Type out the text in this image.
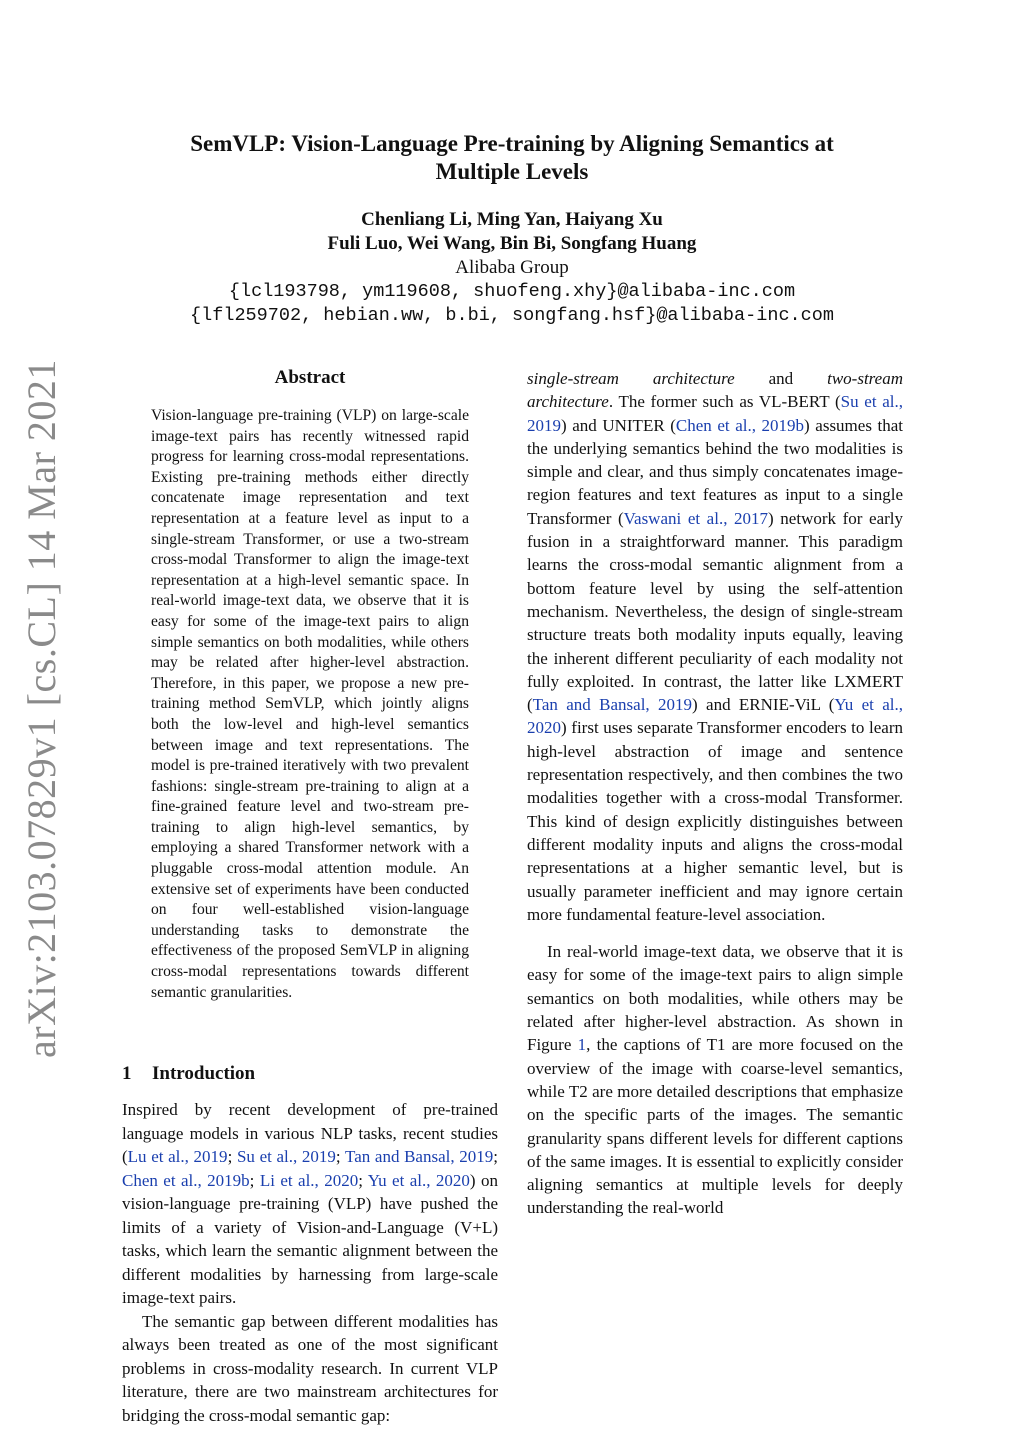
arXiv:2103.07829v1 [cs.CL] 14 Mar 2021
SemVLP: Vision-Language Pre-training by Aligning Semantics at
Multiple Levels
Chenliang Li, Ming Yan, Haiyang Xu
Fuli Luo, Wei Wang, Bin Bi, Songfang Huang
Alibaba Group
{lcl193798, ym119608, shuofeng.xhy}@alibaba-inc.com
{lfl259702, hebian.ww, b.bi, songfang.hsf}@alibaba-inc.com
Abstract
Vision-language pre-training (VLP) on large-scale image-text pairs has recently witnessed rapid progress for learning cross-modal representations. Existing pre-training methods either directly concatenate image representation and text representation at a feature level as input to a single-stream Transformer, or use a two-stream cross-modal Transformer to align the image-text representation at a high-level semantic space. In real-world image-text data, we observe that it is easy for some of the image-text pairs to align simple semantics on both modalities, while others may be related after higher-level abstraction. Therefore, in this paper, we propose a new pre-training method SemVLP, which jointly aligns both the low-level and high-level semantics between image and text representations. The model is pre-trained iteratively with two prevalent fashions: single-stream pre-training to align at a fine-grained feature level and two-stream pre-training to align high-level semantics, by employing a shared Transformer network with a pluggable cross-modal attention module. An extensive set of experiments have been conducted on four well-established vision-language understanding tasks to demonstrate the effectiveness of the proposed SemVLP in aligning cross-modal representations towards different semantic granularities.
1 Introduction

Inspired by recent development of pre-trained language models in various NLP tasks, recent studies (Lu et al., 2019; Su et al., 2019; Tan and Bansal, 2019; Chen et al., 2019b; Li et al., 2020; Yu et al., 2020) on vision-language pre-training (VLP) have pushed the limits of a variety of Vision-and-Language (V+L) tasks, which learn the semantic alignment between the different modalities by harnessing from large-scale image-text pairs.

The semantic gap between different modalities has always been treated as one of the most significant problems in cross-modality research. In current VLP literature, there are two mainstream architectures for bridging the cross-modal semantic gap:

single-stream architecture and two-stream architecture. The former such as VL-BERT (Su et al., 2019) and UNITER (Chen et al., 2019b) assumes that the underlying semantics behind the two modalities is simple and clear, and thus simply concatenates image-region features and text features as input to a single Transformer (Vaswani et al., 2017) network for early fusion in a straightforward manner. This paradigm learns the cross-modal semantic alignment from a bottom feature level by using the self-attention mechanism. Nevertheless, the design of single-stream structure treats both modality inputs equally, leaving the inherent different peculiarity of each modality not fully exploited. In contrast, the latter like LXMERT (Tan and Bansal, 2019) and ERNIE-ViL (Yu et al., 2020) first uses separate Transformer encoders to learn high-level abstraction of image and sentence representation respectively, and then combines the two modalities together with a cross-modal Transformer. This kind of design explicitly distinguishes between different modality inputs and aligns the cross-modal representations at a higher semantic level, but is usually parameter inefficient and may ignore certain more fundamental feature-level association.

In real-world image-text data, we observe that it is easy for some of the image-text pairs to align simple semantics on both modalities, while others may be related after higher-level abstraction. As shown in Figure 1, the captions of T1 are more focused on the overview of the image with coarse-level semantics, while T2 are more detailed descriptions that emphasize on the specific parts of the images. The semantic granularity spans different levels for different captions of the same images. It is essential to explicitly consider aligning semantics at multiple levels for deeply understanding the real-world
